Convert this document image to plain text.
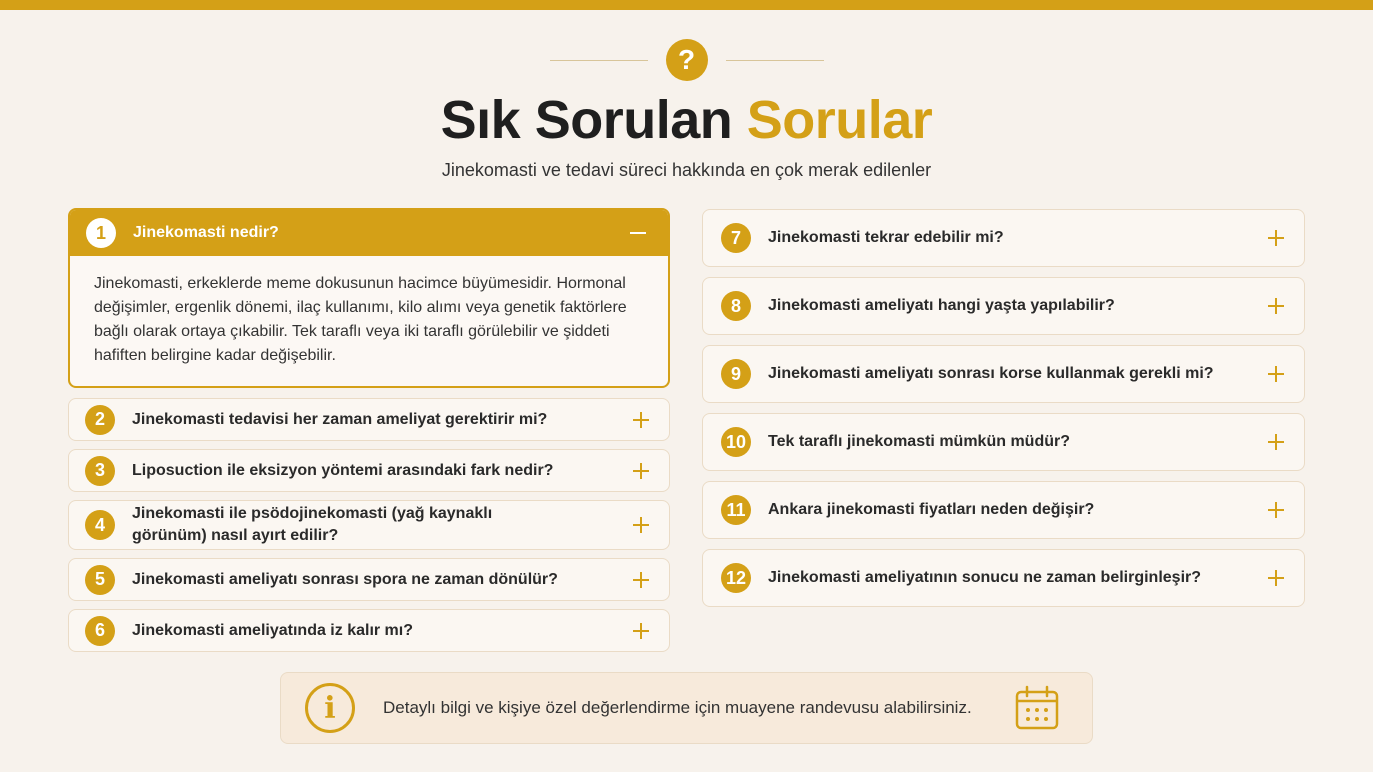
?
Sık Sorulan Sorular

Jinekomasti ve tedavi süreci hakkında en çok merak edilenler

1	Jinekomasti nedir?
Jinekomasti, erkeklerde meme dokusunun hacimce büyümesidir. Hormonal değişimler, ergenlik dönemi, ilaç kullanımı, kilo alımı veya genetik faktörlere bağlı olarak ortaya çıkabilir. Tek taraflı veya iki taraflı görülebilir ve şiddeti hafiften belirgine kadar değişebilir.
2	Jinekomasti tedavisi her zaman ameliyat gerektirir mi?
3	Liposuction ile eksizyon yöntemi arasındaki fark nedir?
4
Jinekomasti ile psödojinekomasti (yağ kaynaklı görünüm) nasıl ayırt edilir?
5	Jinekomasti ameliyatı sonrası spora ne zaman dönülür?
6	Jinekomasti ameliyatında iz kalır mı?
7	Jinekomasti tekrar edebilir mi?
8	Jinekomasti ameliyatı hangi yaşta yapılabilir?
9	Jinekomasti ameliyatı sonrası korse kullanmak gerekli mi?
10	Tek taraflı jinekomasti mümkün müdür?
11	Ankara jinekomasti fiyatları neden değişir?
12	Jinekomasti ameliyatının sonucu ne zaman belirginleşir?
i	Detaylı bilgi ve kişiye özel değerlendirme için muayene randevusu alabilirsiniz.
